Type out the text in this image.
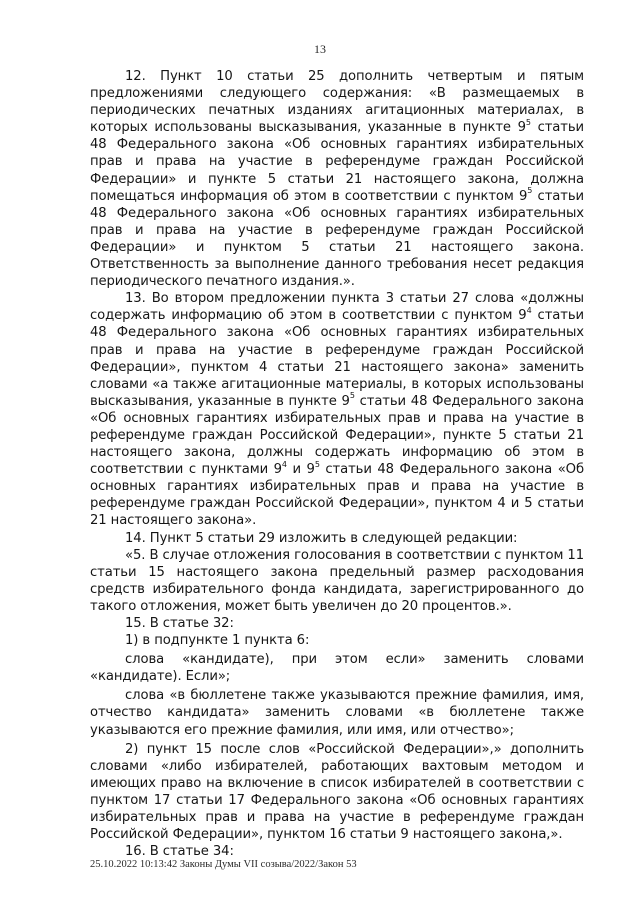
13

12. Пункт 10 статьи 25 дополнить четвертым и пятым предложениями следующего содержания: «В размещаемых в периодических печатных изданиях агитационных материалах, в которых использованы высказывания, указанные в пункте $9^5$ статьи 48 Федерального закона «Об основных гарантиях избирательных прав и права на участие в референдуме граждан Российской Федерации» и пункте 5 статьи 21 настоящего закона, должна помещаться информация об этом в соответствии с пунктом $9^5$ статьи 48 Федерального закона «Об основных гарантиях избирательных прав и права на участие в референдуме граждан Российской Федерации» и пунктом 5 статьи 21 настоящего закона. Ответственность за выполнение данного требования несет редакция периодического печатного издания.».

13. Во втором предложении пункта 3 статьи 27 слова «должны содержать информацию об этом в соответствии с пунктом $9^4$ статьи 48 Федерального закона «Об основных гарантиях избирательных прав и права на участие в референдуме граждан Российской Федерации», пунктом 4 статьи 21 настоящего закона» заменить словами «а также агитационные материалы, в которых использованы высказывания, указанные в пункте $9^5$ статьи 48 Федерального закона «Об основных гарантиях избирательных прав и права на участие в референдуме граждан Российской Федерации», пункте 5 статьи 21 настоящего закона, должны содержать информацию об этом в соответствии с пунктами $9^4$ и $9^5$ статьи 48 Федерального закона «Об основных гарантиях избирательных прав и права на участие в референдуме граждан Российской Федерации», пунктом 4 и 5 статьи 21 настоящего закона».

14. Пункт 5 статьи 29 изложить в следующей редакции:

«5. В случае отложения голосования в соответствии с пунктом 11 статьи 15 настоящего закона предельный размер расходования средств избирательного фонда кандидата, зарегистрированного до такого отложения, может быть увеличен до 20 процентов.».

15. В статье 32:

1) в подпункте 1 пункта 6:

слова «кандидате), при этом если» заменить словами «кандидате). Если»;

слова «в бюллетене также указываются прежние фамилия, имя, отчество кандидата» заменить словами «в бюллетене также указываются его прежние фамилия, или имя, или отчество»;

2) пункт 15 после слов «Российской Федерации»,» дополнить словами «либо избирателей, работающих вахтовым методом и имеющих право на включение в список избирателей в соответствии с пунктом 17 статьи 17 Федерального закона «Об основных гарантиях избирательных прав и права на участие в референдуме граждан Российской Федерации», пунктом 16 статьи 9 настоящего закона,».

16. В статье 34:

25.10.2022 10:13:42 Законы Думы VII созыва/2022/Закон 53
